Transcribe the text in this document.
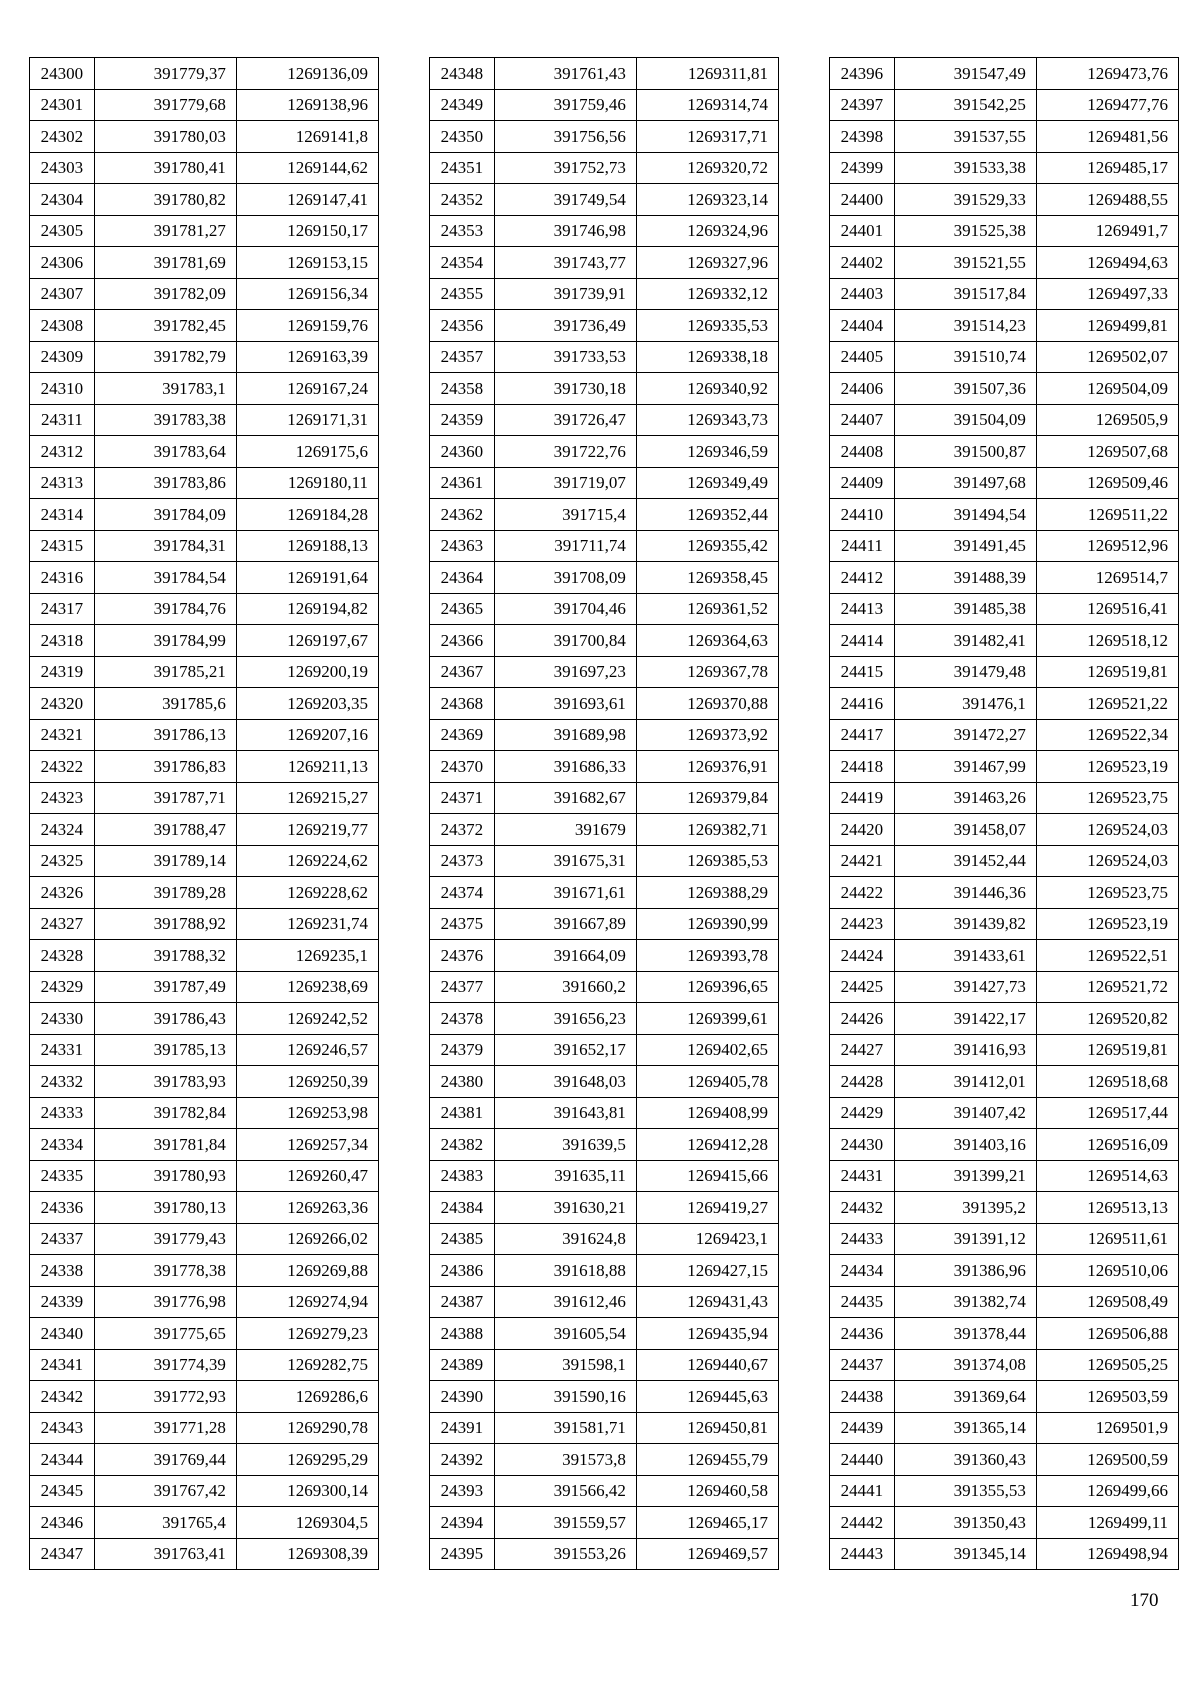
24300	391779,37	1269136,09
24301	391779,68	1269138,96
24302	391780,03	1269141,8
24303	391780,41	1269144,62
24304	391780,82	1269147,41
24305	391781,27	1269150,17
24306	391781,69	1269153,15
24307	391782,09	1269156,34
24308	391782,45	1269159,76
24309	391782,79	1269163,39
24310	391783,1	1269167,24
24311	391783,38	1269171,31
24312	391783,64	1269175,6
24313	391783,86	1269180,11
24314	391784,09	1269184,28
24315	391784,31	1269188,13
24316	391784,54	1269191,64
24317	391784,76	1269194,82
24318	391784,99	1269197,67
24319	391785,21	1269200,19
24320	391785,6	1269203,35
24321	391786,13	1269207,16
24322	391786,83	1269211,13
24323	391787,71	1269215,27
24324	391788,47	1269219,77
24325	391789,14	1269224,62
24326	391789,28	1269228,62
24327	391788,92	1269231,74
24328	391788,32	1269235,1
24329	391787,49	1269238,69
24330	391786,43	1269242,52
24331	391785,13	1269246,57
24332	391783,93	1269250,39
24333	391782,84	1269253,98
24334	391781,84	1269257,34
24335	391780,93	1269260,47
24336	391780,13	1269263,36
24337	391779,43	1269266,02
24338	391778,38	1269269,88
24339	391776,98	1269274,94
24340	391775,65	1269279,23
24341	391774,39	1269282,75
24342	391772,93	1269286,6
24343	391771,28	1269290,78
24344	391769,44	1269295,29
24345	391767,42	1269300,14
24346	391765,4	1269304,5
24347	391763,41	1269308,39
24348	391761,43	1269311,81
24349	391759,46	1269314,74
24350	391756,56	1269317,71
24351	391752,73	1269320,72
24352	391749,54	1269323,14
24353	391746,98	1269324,96
24354	391743,77	1269327,96
24355	391739,91	1269332,12
24356	391736,49	1269335,53
24357	391733,53	1269338,18
24358	391730,18	1269340,92
24359	391726,47	1269343,73
24360	391722,76	1269346,59
24361	391719,07	1269349,49
24362	391715,4	1269352,44
24363	391711,74	1269355,42
24364	391708,09	1269358,45
24365	391704,46	1269361,52
24366	391700,84	1269364,63
24367	391697,23	1269367,78
24368	391693,61	1269370,88
24369	391689,98	1269373,92
24370	391686,33	1269376,91
24371	391682,67	1269379,84
24372	391679	1269382,71
24373	391675,31	1269385,53
24374	391671,61	1269388,29
24375	391667,89	1269390,99
24376	391664,09	1269393,78
24377	391660,2	1269396,65
24378	391656,23	1269399,61
24379	391652,17	1269402,65
24380	391648,03	1269405,78
24381	391643,81	1269408,99
24382	391639,5	1269412,28
24383	391635,11	1269415,66
24384	391630,21	1269419,27
24385	391624,8	1269423,1
24386	391618,88	1269427,15
24387	391612,46	1269431,43
24388	391605,54	1269435,94
24389	391598,1	1269440,67
24390	391590,16	1269445,63
24391	391581,71	1269450,81
24392	391573,8	1269455,79
24393	391566,42	1269460,58
24394	391559,57	1269465,17
24395	391553,26	1269469,57
24396	391547,49	1269473,76
24397	391542,25	1269477,76
24398	391537,55	1269481,56
24399	391533,38	1269485,17
24400	391529,33	1269488,55
24401	391525,38	1269491,7
24402	391521,55	1269494,63
24403	391517,84	1269497,33
24404	391514,23	1269499,81
24405	391510,74	1269502,07
24406	391507,36	1269504,09
24407	391504,09	1269505,9
24408	391500,87	1269507,68
24409	391497,68	1269509,46
24410	391494,54	1269511,22
24411	391491,45	1269512,96
24412	391488,39	1269514,7
24413	391485,38	1269516,41
24414	391482,41	1269518,12
24415	391479,48	1269519,81
24416	391476,1	1269521,22
24417	391472,27	1269522,34
24418	391467,99	1269523,19
24419	391463,26	1269523,75
24420	391458,07	1269524,03
24421	391452,44	1269524,03
24422	391446,36	1269523,75
24423	391439,82	1269523,19
24424	391433,61	1269522,51
24425	391427,73	1269521,72
24426	391422,17	1269520,82
24427	391416,93	1269519,81
24428	391412,01	1269518,68
24429	391407,42	1269517,44
24430	391403,16	1269516,09
24431	391399,21	1269514,63
24432	391395,2	1269513,13
24433	391391,12	1269511,61
24434	391386,96	1269510,06
24435	391382,74	1269508,49
24436	391378,44	1269506,88
24437	391374,08	1269505,25
24438	391369,64	1269503,59
24439	391365,14	1269501,9
24440	391360,43	1269500,59
24441	391355,53	1269499,66
24442	391350,43	1269499,11
24443	391345,14	1269498,94
170
